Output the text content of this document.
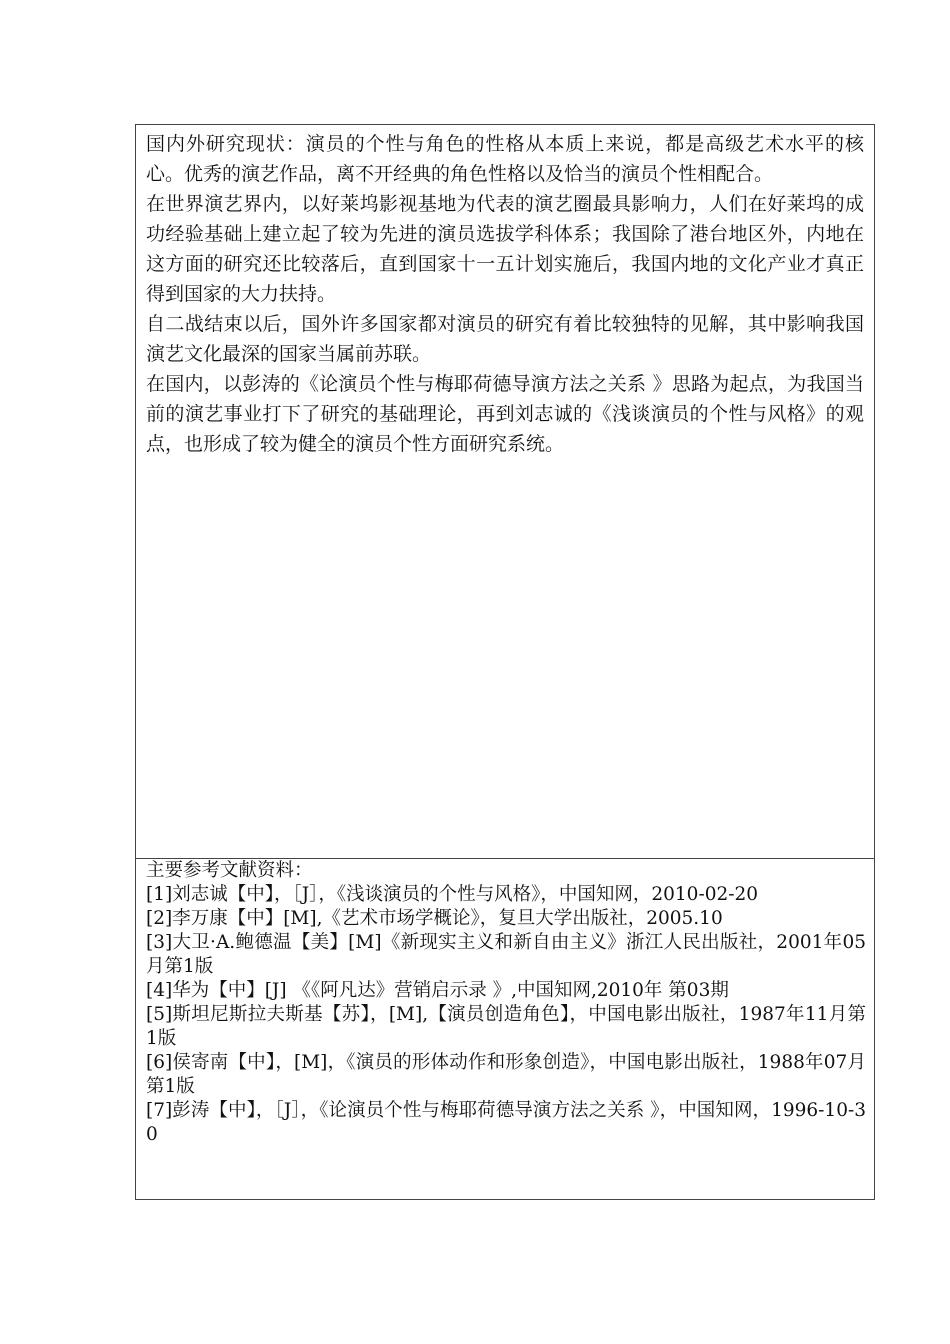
国内外研究现状：演员的个性与角色的性格从本质上来说，都是高级艺术水平的核心。优秀的演艺作品，离不开经典的角色性格以及恰当的演员个性相配合。

在世界演艺界内，以好莱坞影视基地为代表的演艺圈最具影响力，人们在好莱坞的成功经验基础上建立起了较为先进的演员选拔学科体系；我国除了港台地区外，内地在这方面的研究还比较落后，直到国家十一五计划实施后，我国内地的文化产业才真正得到国家的大力扶持。

自二战结束以后，国外许多国家都对演员的研究有着比较独特的见解，其中影响我国演艺文化最深的国家当属前苏联。

在国内，以彭涛的《论演员个性与梅耶荷德导演方法之关系 》思路为起点，为我国当前的演艺事业打下了研究的基础理论，再到刘志诚的《浅谈演员的个性与风格》的观点，也形成了较为健全的演员个性方面研究系统。

主要参考文献资料：

[1]刘志诚【中】，［J］，《浅谈演员的个性与风格》，中国知网，2010-02-20

[2]李万康【中】[M],《艺术市场学概论》，复旦大学出版社，2005.10

[3]大卫·A.鲍德温【美】[M]《新现实主义和新自由主义》浙江人民出版社，2001年05月第1版

[4]华为【中】[J] 《《阿凡达》营销启示录 》,中国知网,2010年 第03期

[5]斯坦尼斯拉夫斯基【苏】，[M],【演员创造角色】，中国电影出版社，1987年11月第1版

[6]侯寄南【中】，[M]，《演员的形体动作和形象创造》，中国电影出版社，1988年07月第1版

[7]彭涛【中】，［J］，《论演员个性与梅耶荷德导演方法之关系 》，中国知网，1996-10-30
